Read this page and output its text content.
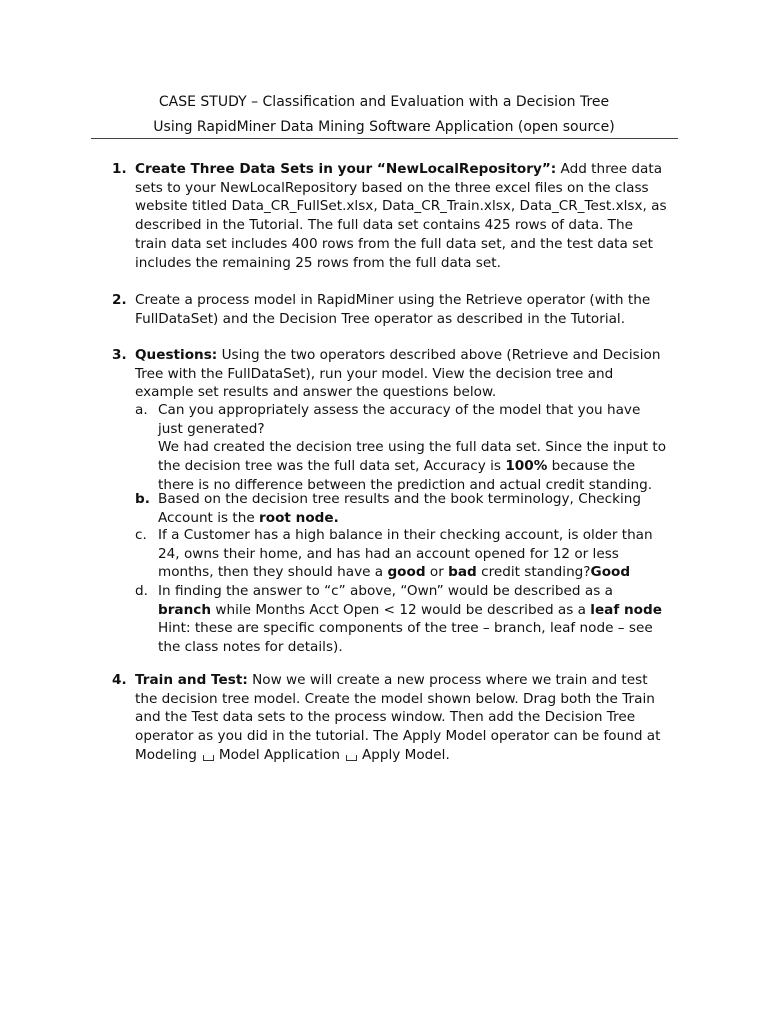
CASE STUDY – Classification and Evaluation with a Decision Tree

Using RapidMiner Data Mining Software Application (open source)

1. Create Three Data Sets in your “NewLocalRepository”: Add three data
sets to your NewLocalRepository based on the three excel files on the class
website titled Data_CR_FullSet.xlsx, Data_CR_Train.xlsx, Data_CR_Test.xlsx, as
described in the Tutorial. The full data set contains 425 rows of data. The
train data set includes 400 rows from the full data set, and the test data set
includes the remaining 25 rows from the full data set.

2. Create a process model in RapidMiner using the Retrieve operator (with the
FullDataSet) and the Decision Tree operator as described in the Tutorial.

3. Questions: Using the two operators described above (Retrieve and Decision
Tree with the FullDataSet), run your model. View the decision tree and
example set results and answer the questions below.

a. Can you appropriately assess the accuracy of the model that you have
just generated?
We had created the decision tree using the full data set. Since the input to
the decision tree was the full data set, Accuracy is 100% because the
there is no difference between the prediction and actual credit standing.

b. Based on the decision tree results and the book terminology, Checking
Account is the root node.

c. If a Customer has a high balance in their checking account, is older than
24, owns their home, and has had an account opened for 12 or less
months, then they should have a good or bad credit standing?Good

d. In finding the answer to “c” above, “Own” would be described as a
branch while Months Acct Open < 12 would be described as a leaf node
Hint: these are specific components of the tree – branch, leaf node – see
the class notes for details).

4. Train and Test: Now we will create a new process where we train and test
the decision tree model. Create the model shown below. Drag both the Train
and the Test data sets to the process window. Then add the Decision Tree
operator as you did in the tutorial. The Apply Model operator can be found at
Modeling Model Application Apply Model.
